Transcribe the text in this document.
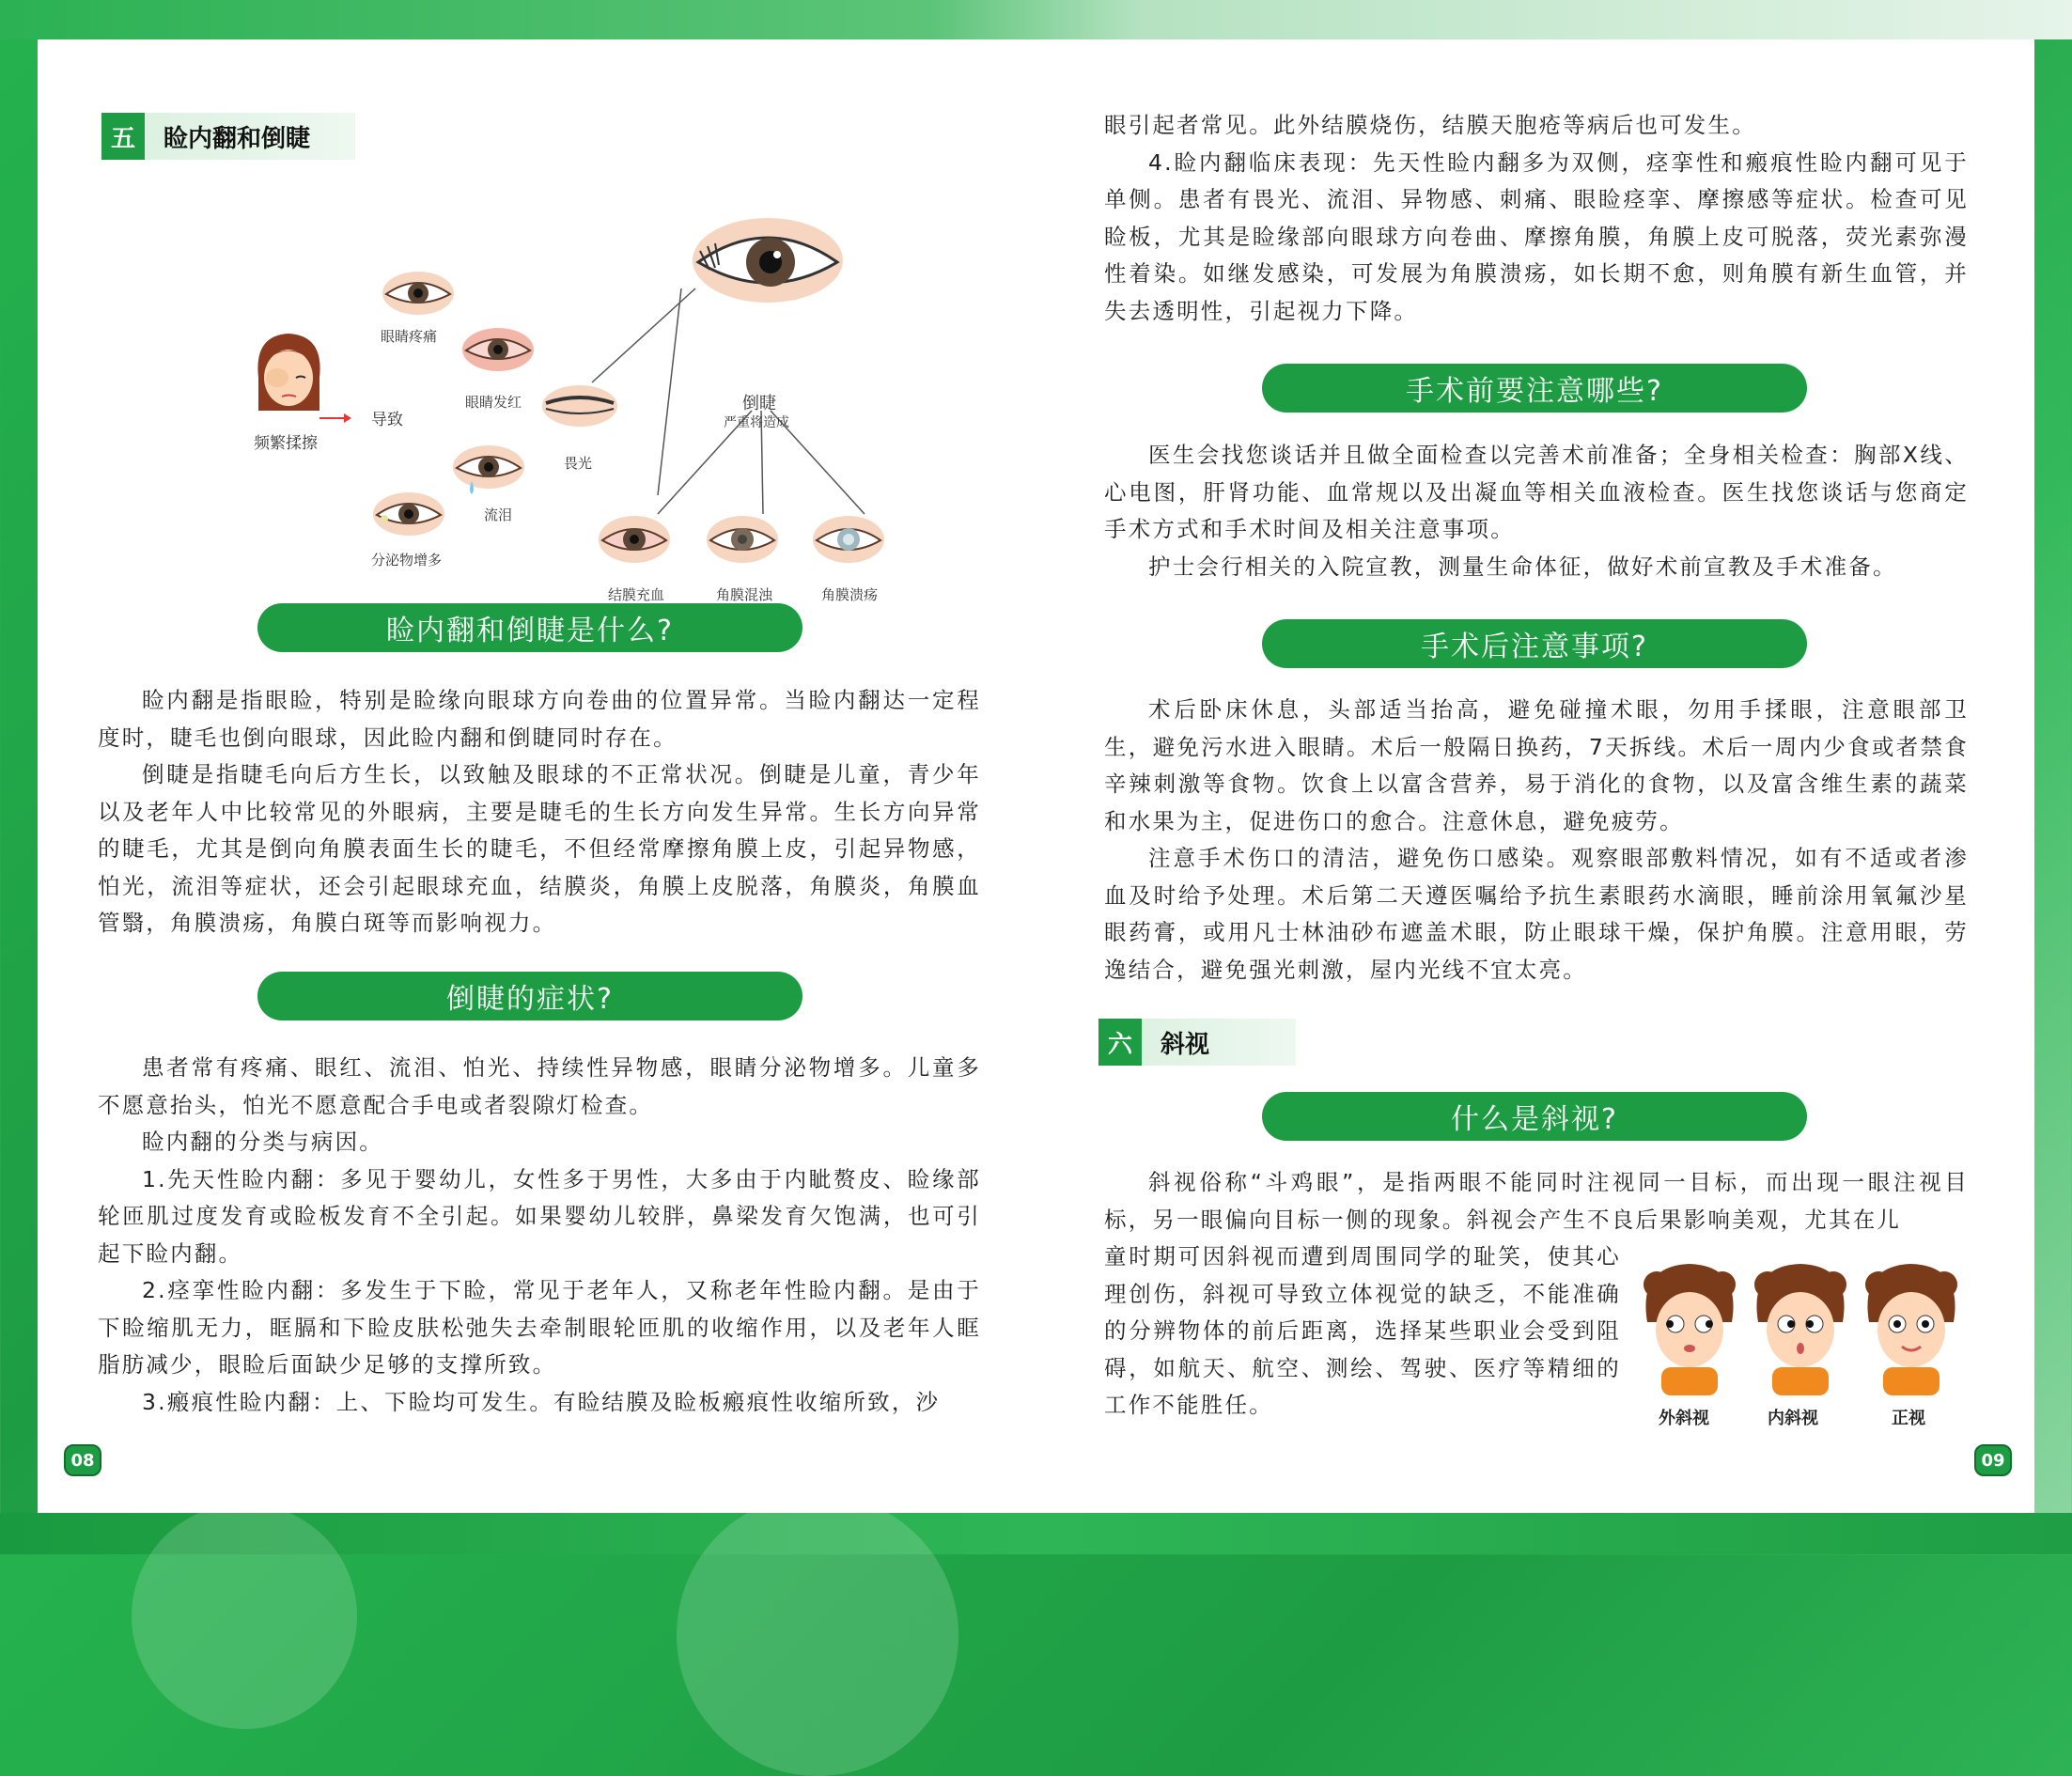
五	睑内翻和倒睫
频繁揉擦
导致
眼睛疼痛
眼睛发红
畏光
流泪
分泌物增多
倒睫
严重将造成
结膜充血	角膜混浊	角膜溃疡
睑内翻和倒睫是什么?

睑内翻是指眼睑，特别是睑缘向眼球方向卷曲的位置异常。当睑内翻达一定程度时，睫毛也倒向眼球，因此睑内翻和倒睫同时存在。

倒睫是指睫毛向后方生长，以致触及眼球的不正常状况。倒睫是儿童，青少年以及老年人中比较常见的外眼病，主要是睫毛的生长方向发生异常。生长方向异常的睫毛，尤其是倒向角膜表面生长的睫毛，不但经常摩擦角膜上皮，引起异物感，怕光，流泪等症状，还会引起眼球充血，结膜炎，角膜上皮脱落，角膜炎，角膜血管翳，角膜溃疡，角膜白斑等而影响视力。

倒睫的症状?

患者常有疼痛、眼红、流泪、怕光、持续性异物感，眼睛分泌物增多。儿童多不愿意抬头，怕光不愿意配合手电或者裂隙灯检查。

睑内翻的分类与病因。

1.先天性睑内翻：多见于婴幼儿，女性多于男性，大多由于内眦赘皮、睑缘部轮匝肌过度发育或睑板发育不全引起。如果婴幼儿较胖，鼻梁发育欠饱满，也可引起下睑内翻。

2.痉挛性睑内翻：多发生于下睑，常见于老年人，又称老年性睑内翻。是由于下睑缩肌无力，眶膈和下睑皮肤松弛失去牵制眼轮匝肌的收缩作用，以及老年人眶脂肪减少，眼睑后面缺少足够的支撑所致。

3.瘢痕性睑内翻：上、下睑均可发生。有睑结膜及睑板瘢痕性收缩所致，沙

08

眼引起者常见。此外结膜烧伤，结膜天胞疮等病后也可发生。

4.睑内翻临床表现：先天性睑内翻多为双侧，痉挛性和瘢痕性睑内翻可见于单侧。患者有畏光、流泪、异物感、刺痛、眼睑痉挛、摩擦感等症状。检查可见睑板，尤其是睑缘部向眼球方向卷曲、摩擦角膜，角膜上皮可脱落，荧光素弥漫性着染。如继发感染，可发展为角膜溃疡，如长期不愈，则角膜有新生血管，并失去透明性，引起视力下降。

手术前要注意哪些?

医生会找您谈话并且做全面检查以完善术前准备；全身相关检查：胸部X线、心电图，肝肾功能、血常规以及出凝血等相关血液检查。医生找您谈话与您商定手术方式和手术时间及相关注意事项。

护士会行相关的入院宣教，测量生命体征，做好术前宣教及手术准备。

手术后注意事项?

术后卧床休息，头部适当抬高，避免碰撞术眼，勿用手揉眼，注意眼部卫生，避免污水进入眼睛。术后一般隔日换药，7天拆线。术后一周内少食或者禁食辛辣刺激等食物。饮食上以富含营养，易于消化的食物，以及富含维生素的蔬菜和水果为主，促进伤口的愈合。注意休息，避免疲劳。

注意手术伤口的清洁，避免伤口感染。观察眼部敷料情况，如有不适或者渗血及时给予处理。术后第二天遵医嘱给予抗生素眼药水滴眼，睡前涂用氧氟沙星眼药膏，或用凡士林油砂布遮盖术眼，防止眼球干燥，保护角膜。注意用眼，劳逸结合，避免强光刺激，屋内光线不宜太亮。

六	斜视
什么是斜视?

斜视俗称“斗鸡眼”，是指两眼不能同时注视同一目标，而出现一眼注视目标，另一眼偏向目标一侧的现象。斜视会产生不良后果影响美观，尤其在儿

童时期可因斜视而遭到周围同学的耻笑，使其心理创伤，斜视可导致立体视觉的缺乏，不能准确的分辨物体的前后距离，选择某些职业会受到阻碍，如航天、航空、测绘、驾驶、医疗等精细的工作不能胜任。

外斜视	内斜视	正视
09
